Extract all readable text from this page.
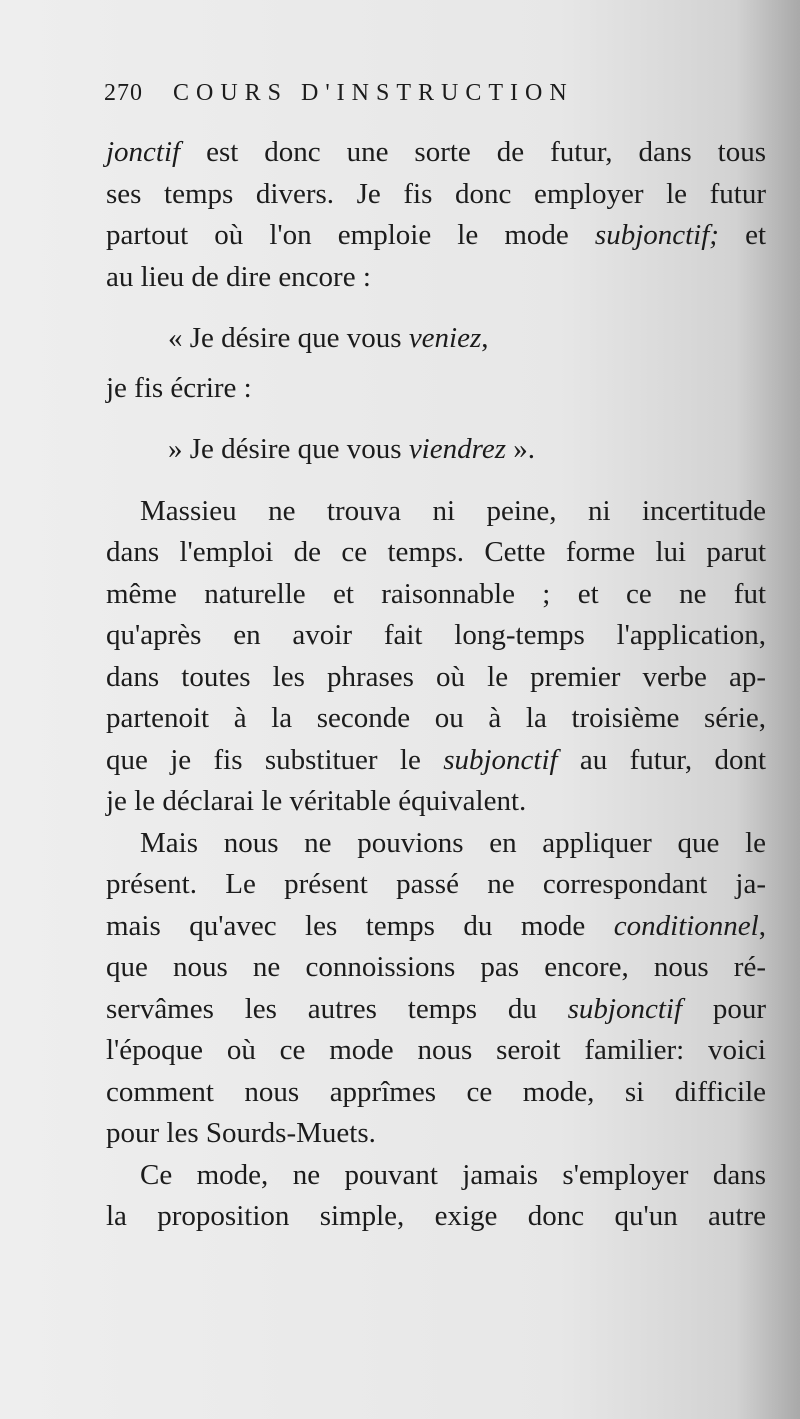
270 COURS D'INSTRUCTION

jonctif est donc une sorte de futur, dans tous
ses temps divers. Je fis donc employer le futur
partout où l'on emploie le mode subjonctif; et
au lieu de dire encore :

« Je désire que vous veniez,

je fis écrire :

» Je désire que vous viendrez ».

Massieu ne trouva ni peine, ni incertitude
dans l'emploi de ce temps. Cette forme lui parut
même naturelle et raisonnable ; et ce ne fut
qu'après en avoir fait long-temps l'application,
dans toutes les phrases où le premier verbe ap-
partenoit à la seconde ou à la troisième série,
que je fis substituer le subjonctif au futur, dont
je le déclarai le véritable équivalent.

Mais nous ne pouvions en appliquer que le
présent. Le présent passé ne correspondant ja-
mais qu'avec les temps du mode conditionnel,
que nous ne connoissions pas encore, nous ré-
servâmes les autres temps du subjonctif pour
l'époque où ce mode nous seroit familier: voici
comment nous apprîmes ce mode, si difficile
pour les Sourds-Muets.

Ce mode, ne pouvant jamais s'employer dans
la proposition simple, exige donc qu'un autre
